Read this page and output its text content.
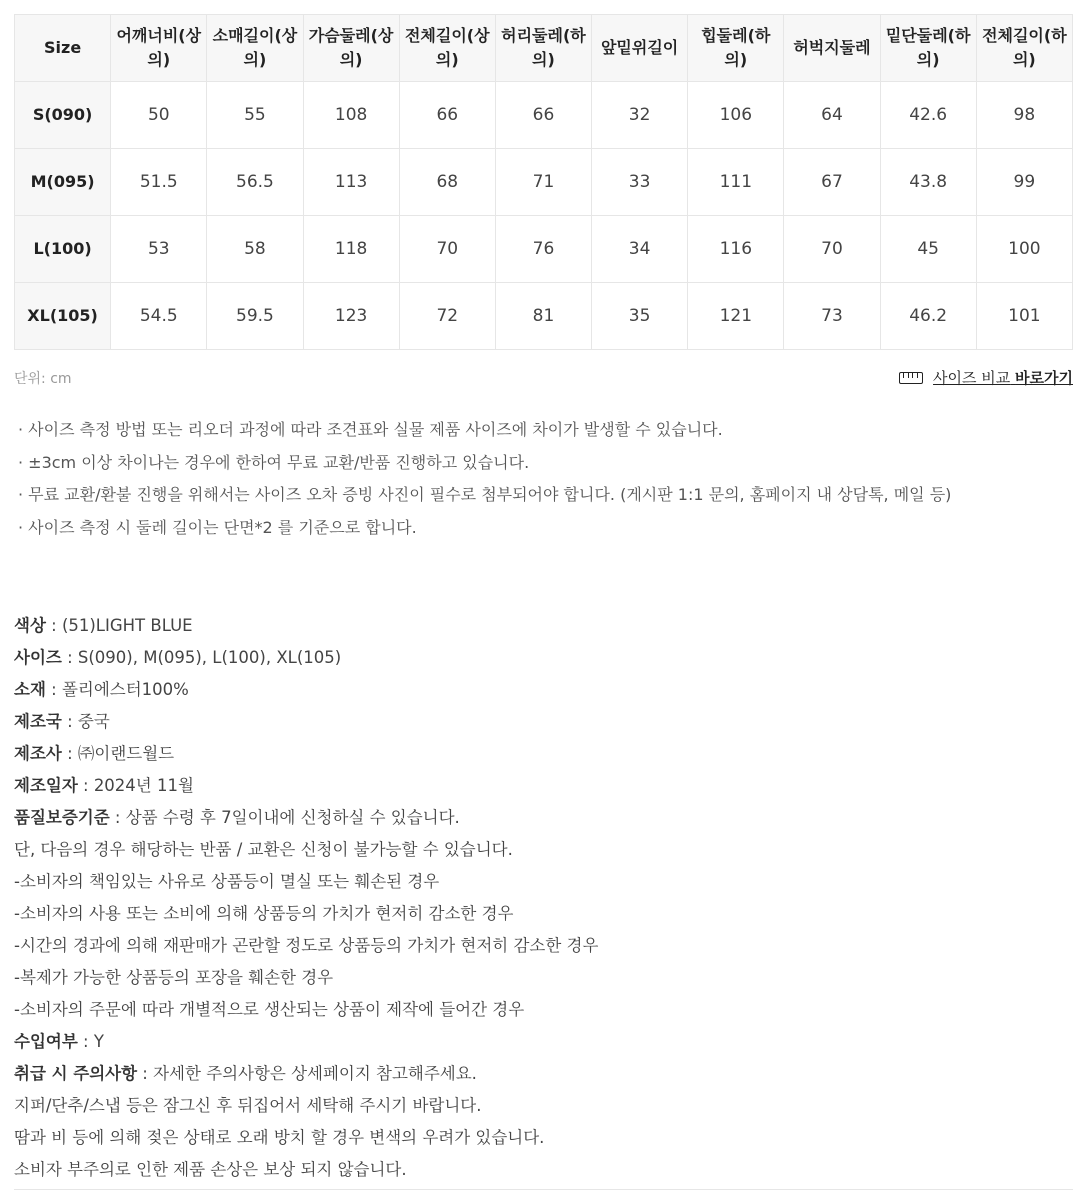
Size	어깨너비(상의)	소매길이(상의)	가슴둘레(상의)	전체길이(상의)	허리둘레(하의)	앞밑위길이	힙둘레(하의)	허벅지둘레	밑단둘레(하의)	전체길이(하의)
S(090)	50	55	108	66	66	32	106	64	42.6	98
M(095)	51.5	56.5	113	68	71	33	111	67	43.8	99
L(100)	53	58	118	70	76	34	116	70	45	100
XL(105)	54.5	59.5	123	72	81	35	121	73	46.2	101
단위: cm	사이즈 비교 바로가기
· 사이즈 측정 방법 또는 리오더 과정에 따라 조견표와 실물 제품 사이즈에 차이가 발생할 수 있습니다.
· ±3cm 이상 차이나는 경우에 한하여 무료 교환/반품 진행하고 있습니다.
· 무료 교환/환불 진행을 위해서는 사이즈 오차 증빙 사진이 필수로 첨부되어야 합니다. (게시판 1:1 문의, 홈페이지 내 상담톡, 메일 등)
· 사이즈 측정 시 둘레 길이는 단면*2 를 기준으로 합니다.
색상 : (51)LIGHT BLUE
사이즈 : S(090), M(095), L(100), XL(105)
소재 : 폴리에스터100%
제조국 : 중국
제조사 : ㈜이랜드월드
제조일자 : 2024년 11월
품질보증기준 : 상품 수령 후 7일이내에 신청하실 수 있습니다.
단, 다음의 경우 해당하는 반품 / 교환은 신청이 불가능할 수 있습니다.
-소비자의 책임있는 사유로 상품등이 멸실 또는 훼손된 경우
-소비자의 사용 또는 소비에 의해 상품등의 가치가 현저히 감소한 경우
-시간의 경과에 의해 재판매가 곤란할 정도로 상품등의 가치가 현저히 감소한 경우
-복제가 가능한 상품등의 포장을 훼손한 경우
-소비자의 주문에 따라 개별적으로 생산되는 상품이 제작에 들어간 경우
수입여부 : Y
취급 시 주의사항 : 자세한 주의사항은 상세페이지 참고해주세요.
지퍼/단추/스냅 등은 잠그신 후 뒤집어서 세탁해 주시기 바랍니다.
땀과 비 등에 의해 젖은 상태로 오래 방치 할 경우 변색의 우려가 있습니다.
소비자 부주의로 인한 제품 손상은 보상 되지 않습니다.
